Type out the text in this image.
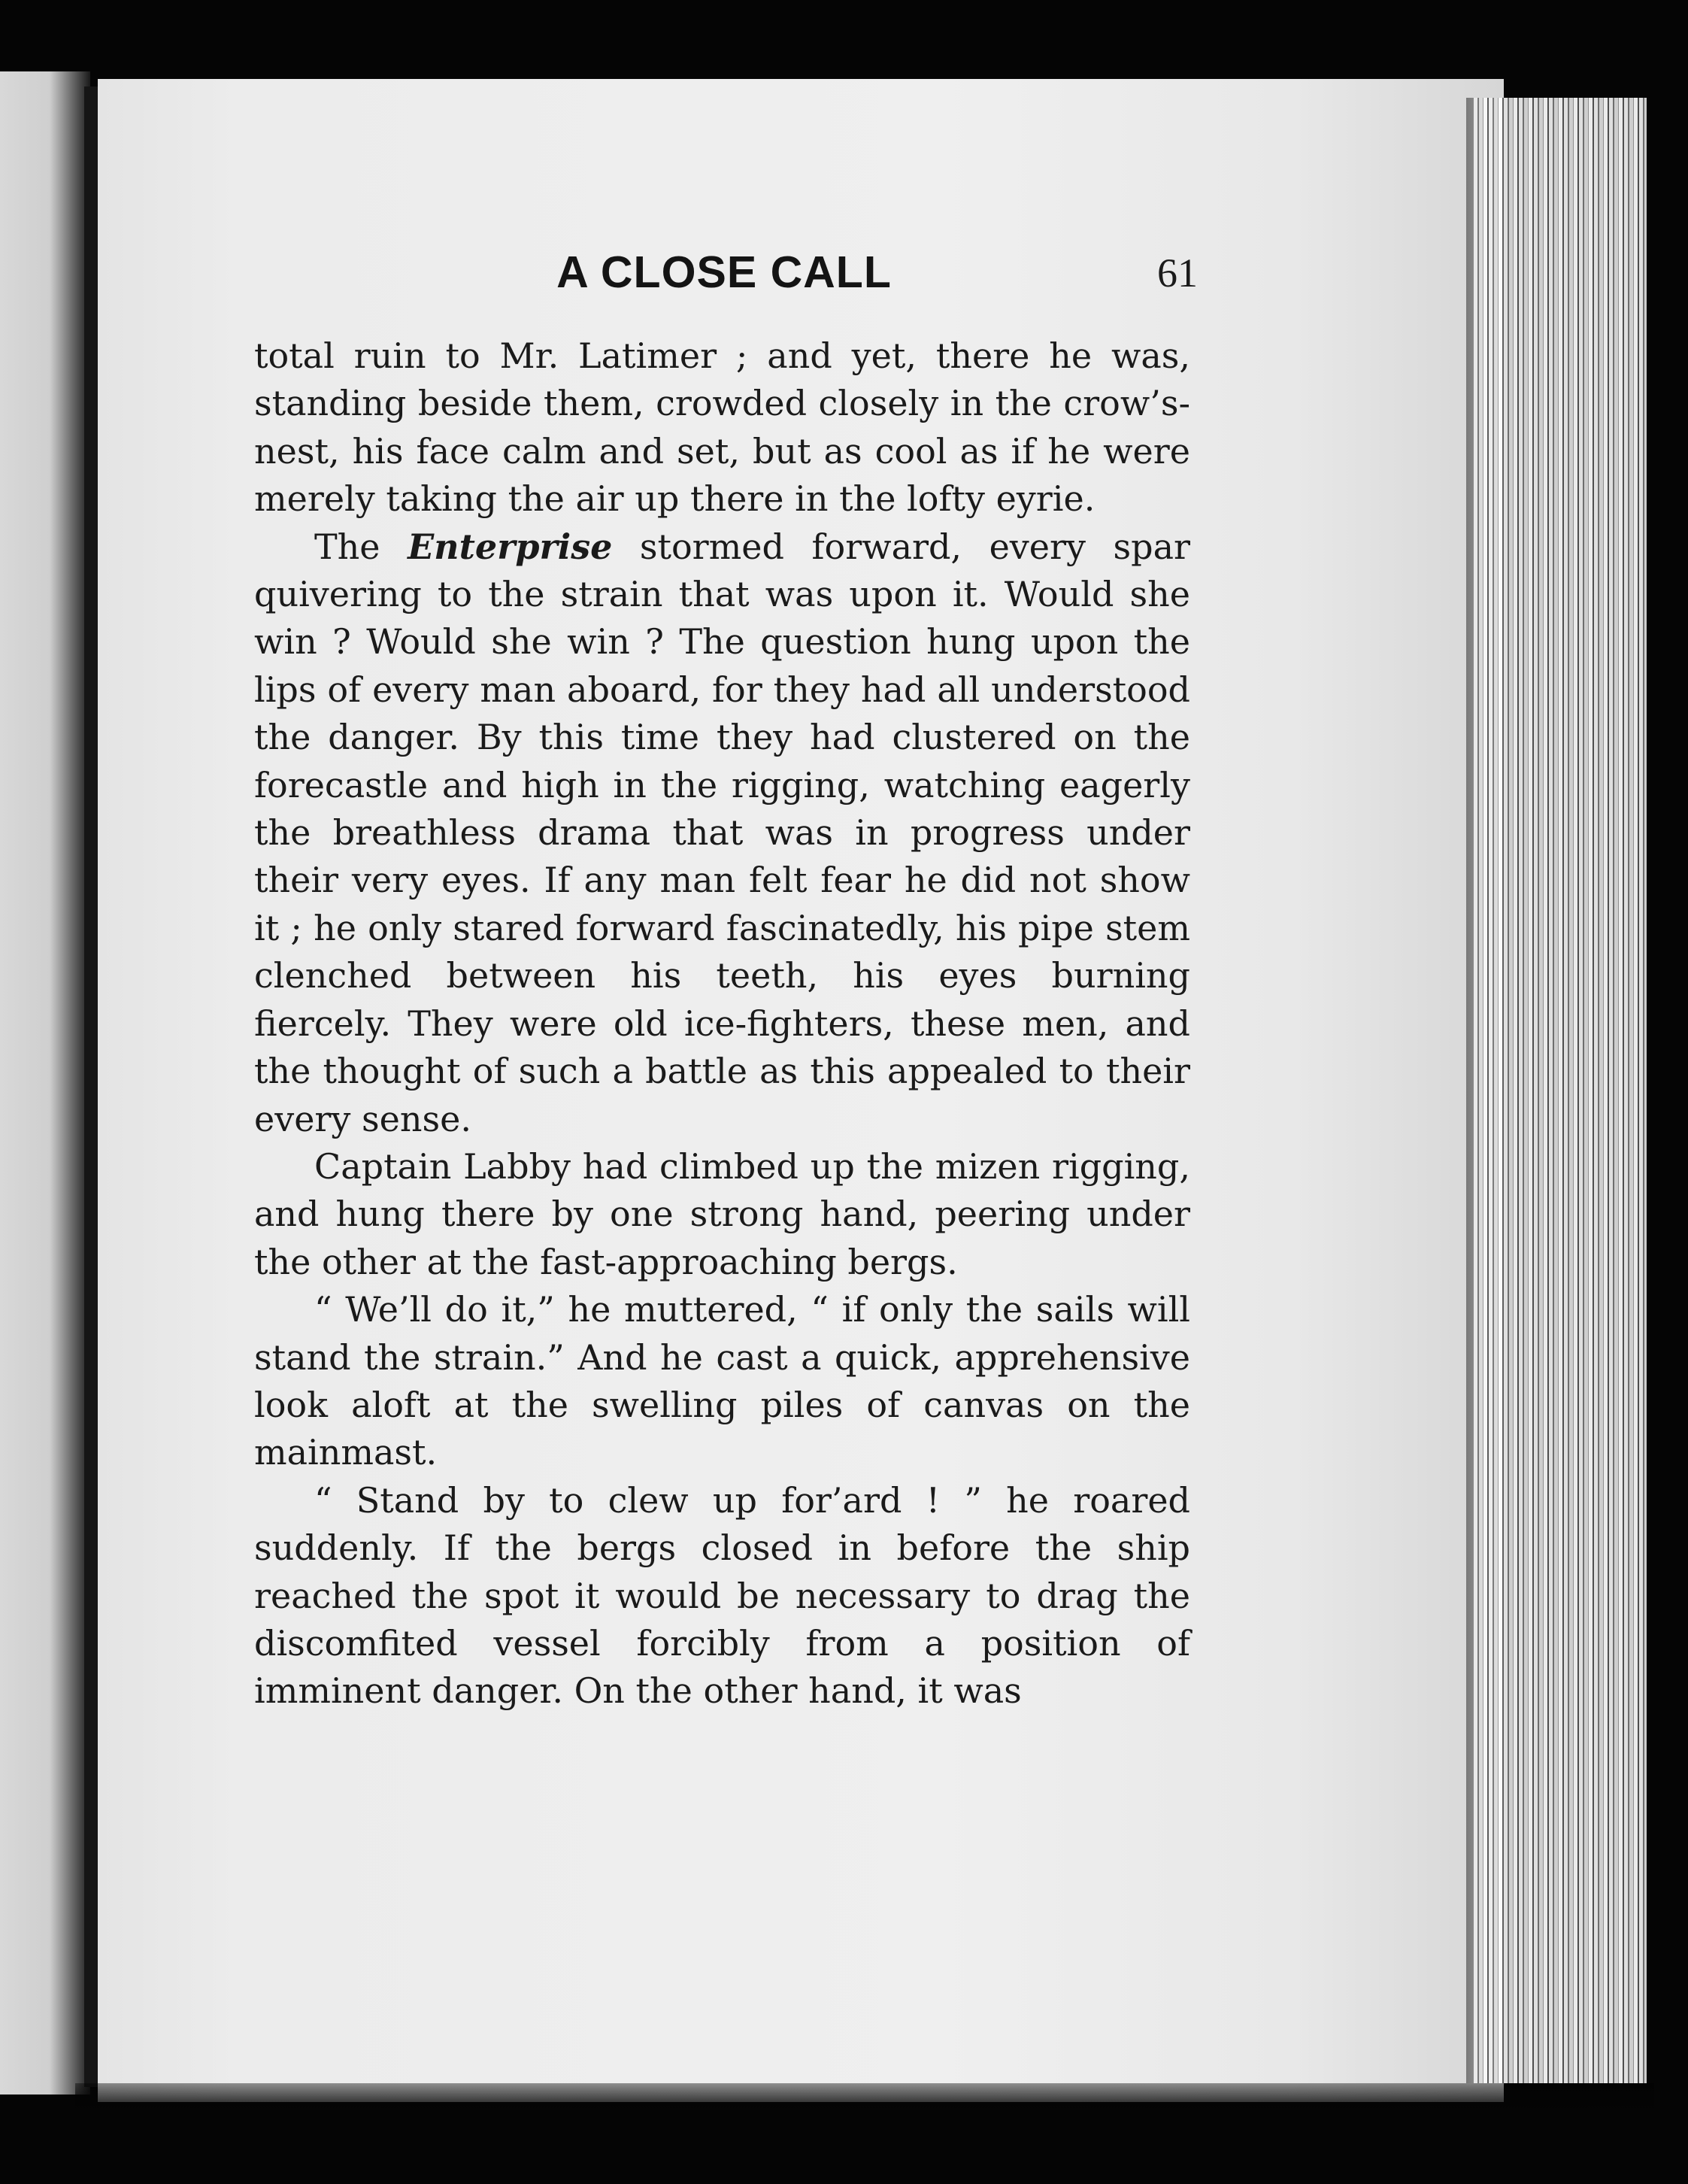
A CLOSE CALL	61

total ruin to Mr. Latimer ; and yet, there he was, standing beside them, crowded closely in the crow’s-nest, his face calm and set, but as cool as if he were merely taking the air up there in the lofty eyrie.

The Enterprise stormed forward, every spar quivering to the strain that was upon it. Would she win ? Would she win ? The question hung upon the lips of every man aboard, for they had all understood the danger. By this time they had clustered on the forecastle and high in the rigging, watching eagerly the breathless drama that was in progress under their very eyes. If any man felt fear he did not show it ; he only stared forward fascinatedly, his pipe stem clenched between his teeth, his eyes burning fiercely. They were old ice-fighters, these men, and the thought of such a battle as this appealed to their every sense.

Captain Labby had climbed up the mizen rigging, and hung there by one strong hand, peering under the other at the fast-approaching bergs.

“ We’ll do it,” he muttered, “ if only the sails will stand the strain.” And he cast a quick, apprehensive look aloft at the swelling piles of canvas on the mainmast.

“ Stand by to clew up for’ard ! ” he roared suddenly. If the bergs closed in before the ship reached the spot it would be necessary to drag the discomfited vessel forcibly from a position of imminent danger. On the other hand, it was
